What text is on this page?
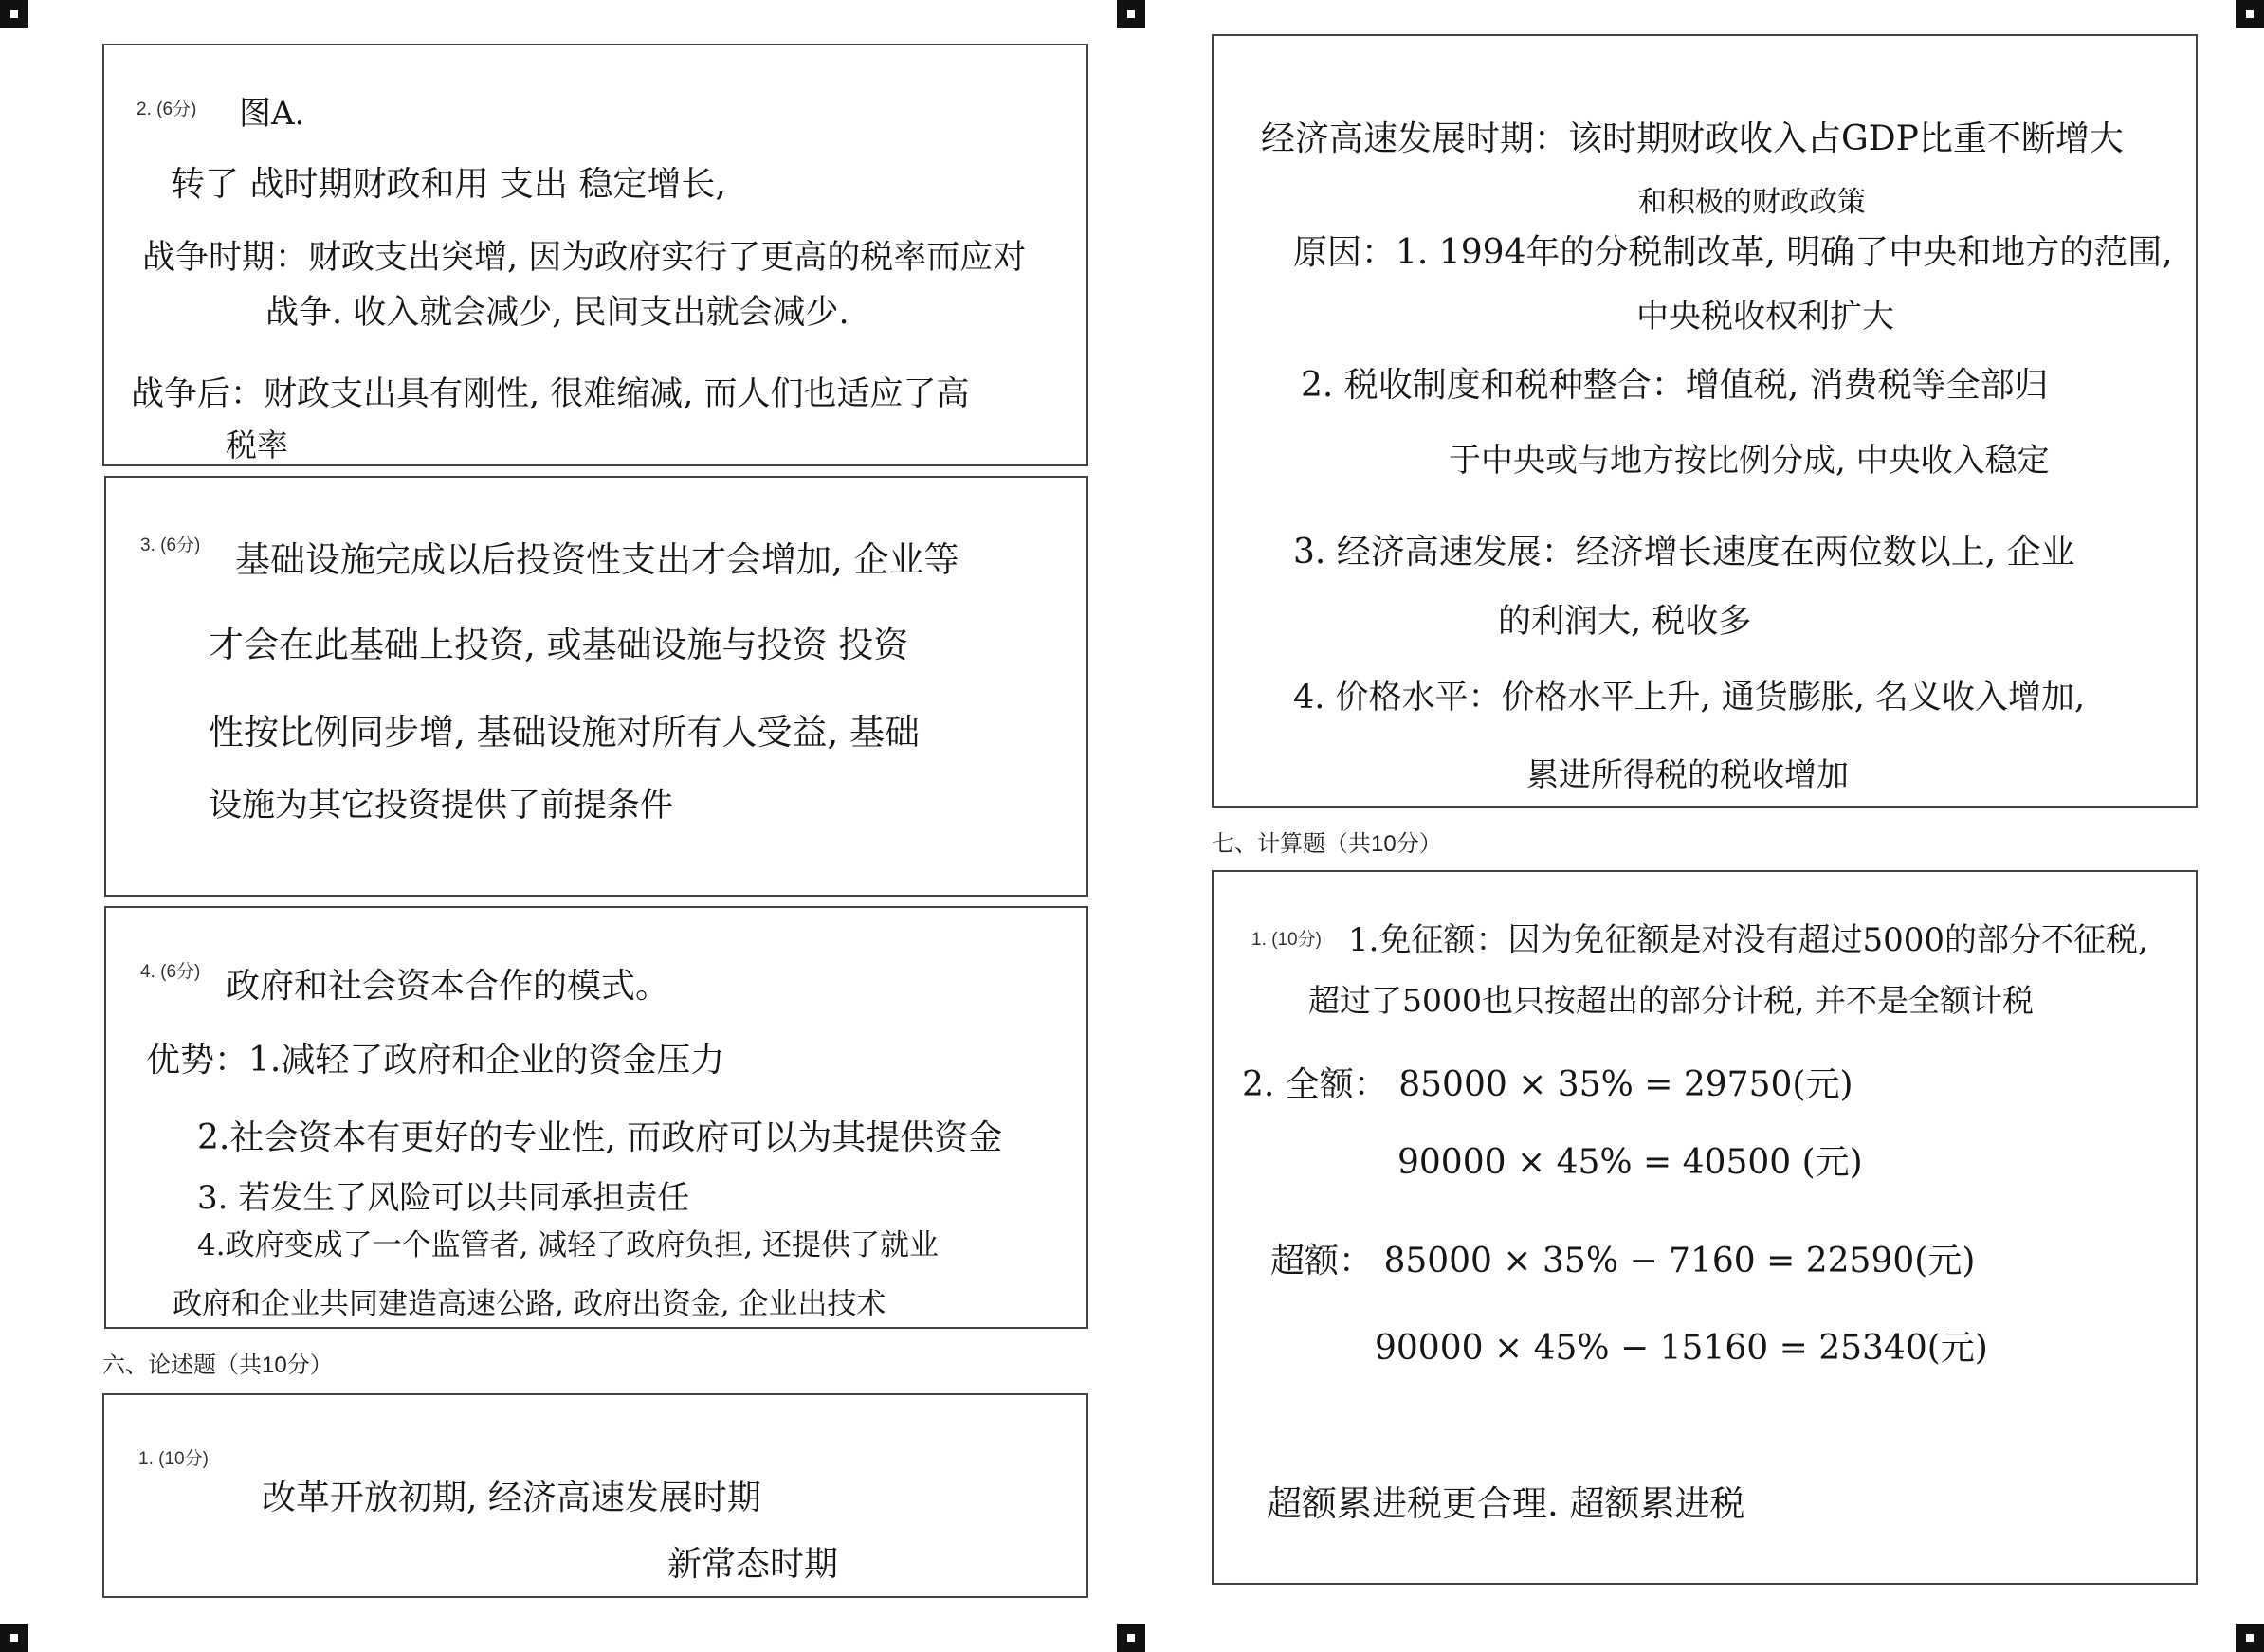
2. (6分) 图A.
转了 战时期财政和用 支出 稳定增长,
战争时期：财政支出突增, 因为政府实行了更高的税率而应对
战争. 收入就会减少, 民间支出就会减少.
战争后：财政支出具有刚性, 很难缩减, 而人们也适应了高
税率
3. (6分) 基础设施完成以后投资性支出才会增加, 企业等
才会在此基础上投资, 或基础设施与投资 投资
性按比例同步增, 基础设施对所有人受益, 基础
设施为其它投资提供了前提条件
4. (6分) 政府和社会资本合作的模式。
优势：1.减轻了政府和企业的资金压力
2.社会资本有更好的专业性, 而政府可以为其提供资金
3. 若发生了风险可以共同承担责任
4.政府变成了一个监管者, 减轻了政府负担, 还提供了就业
政府和企业共同建造高速公路, 政府出资金, 企业出技术
六、论述题（共10分）
1. (10分)
改革开放初期, 经济高速发展时期
新常态时期
经济高速发展时期：该时期财政收入占GDP比重不断增大
和积极的财政政策
原因：1. 1994年的分税制改革, 明确了中央和地方的范围,
中央税收权利扩大
2. 税收制度和税种整合：增值税, 消费税等全部归
于中央或与地方按比例分成, 中央收入稳定
3. 经济高速发展：经济增长速度在两位数以上, 企业
的利润大, 税收多
4. 价格水平：价格水平上升, 通货膨胀, 名义收入增加,
累进所得税的税收增加
七、计算题（共10分）
1. (10分) 1.免征额：因为免征额是对没有超过5000的部分不征税,
超过了5000也只按超出的部分计税, 并不是全额计税
2. 全额： 85000 × 35% = 29750(元)
90000 × 45% = 40500 (元)
超额： 85000 × 35% − 7160 = 22590(元)
90000 × 45% − 15160 = 25340(元)
超额累进税更合理. 超额累进税
